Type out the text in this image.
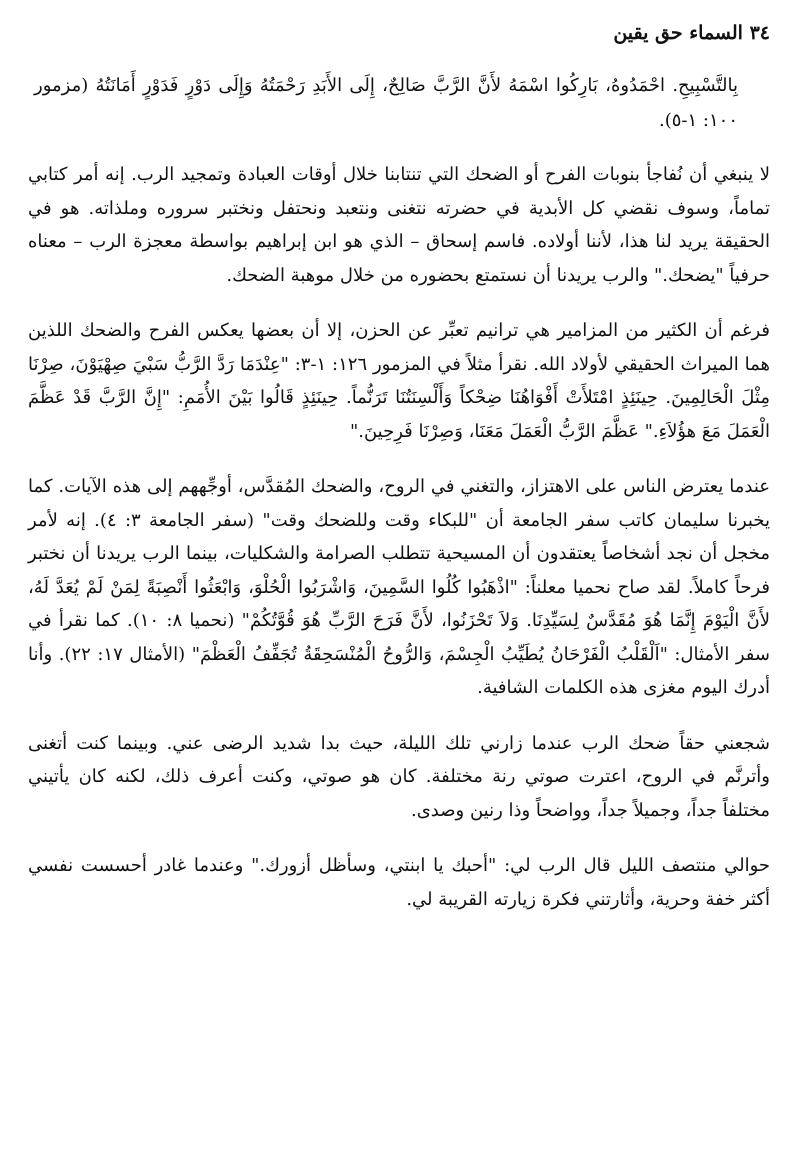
٣٤ السماء حق يقين

بِالتَّسْبِيحِ. احْمَدُوهُ، بَارِكُوا اسْمَهُ لأَنَّ الرَّبَّ صَالِحٌ، إِلَى الأَبَدِ رَحْمَتُهُ وَإِلَى دَوْرٍ فَدَوْرٍ أَمَانَتُهُ (مزمور ١٠٠: ١-٥).

لا ينبغي أن نُفاجأ بنوبات الفرح أو الضحك التي تنتابنا خلال أوقات العبادة وتمجيد الرب. إنه أمر كتابي تماماً، وسوف نقضي كل الأبدية في حضرته نتغنى ونتعبد ونحتفل ونختبر سروره وملذاته. هو في الحقيقة يريد لنا هذا، لأننا أولاده. فاسم إسحاق – الذي هو ابن إبراهيم بواسطة معجزة الرب – معناه حرفياً "يضحك." والرب يريدنا أن نستمتع بحضوره من خلال موهبة الضحك.

فرغم أن الكثير من المزامير هي ترانيم تعبِّر عن الحزن، إلا أن بعضها يعكس الفرح والضحك اللذين هما الميراث الحقيقي لأولاد الله. نقرأ مثلاً في المزمور ١٢٦: ١-٣: "عِنْدَمَا رَدَّ الرَّبُّ سَبْيَ صِهْيَوْنَ، صِرْنَا مِثْلَ الْحَالِمِينَ. حِينَئِذٍ امْتَلأَتْ أَفْوَاهُنَا ضِحْكاً وَأَلْسِنَتُنَا تَرَنُّماً. حِينَئِذٍ قَالُوا بَيْنَ الأُمَمِ: "إِنَّ الرَّبَّ قَدْ عَظَّمَ الْعَمَلَ مَعَ هؤُلاَءِ." عَظَّمَ الرَّبُّ الْعَمَلَ مَعَنَا، وَصِرْنَا فَرِحِينَ."

عندما يعترض الناس على الاهتزاز، والتغني في الروح، والضحك المُقدَّس، أوجِّههم إلى هذه الآيات. كما يخبرنا سليمان كاتب سفر الجامعة أن "للبكاء وقت وللضحك وقت" (سفر الجامعة ٣: ٤). إنه لأمر مخجل أن نجد أشخاصاً يعتقدون أن المسيحية تتطلب الصرامة والشكليات، بينما الرب يريدنا أن نختبر فرحاً كاملاً. لقد صاح نحميا معلناً: "اذْهَبُوا كُلُوا السَّمِينَ، وَاشْرَبُوا الْحُلْوَ، وَابْعَثُوا أَنْصِبَةً لِمَنْ لَمْ يُعَدَّ لَهُ، لأَنَّ الْيَوْمَ إِنَّمَا هُوَ مُقَدَّسٌ لِسَيِّدِنَا. وَلاَ تَحْزَنُوا، لأَنَّ فَرَحَ الرَّبِّ هُوَ قُوَّتُكُمْ" (نحميا ٨: ١٠). كما نقرأ في سفر الأمثال: "اَلْقَلْبُ الْفَرْحَانُ يُطَيِّبُ الْجِسْمَ، وَالرُّوحُ الْمُنْسَحِقَةُ تُجَفِّفُ الْعَظْمَ" (الأمثال ١٧: ٢٢). وأنا أدرك اليوم مغزى هذه الكلمات الشافية.

شجعني حقاً ضحك الرب عندما زارني تلك الليلة، حيث بدا شديد الرضى عني. وبينما كنت أتغنى وأترنَّم في الروح، اعترت صوتي رنة مختلفة. كان هو صوتي، وكنت أعرف ذلك، لكنه كان يأتيني مختلفاً جداً، وجميلاً جداً، وواضحاً وذا رنين وصدى.

حوالي منتصف الليل قال الرب لي: "أحبك يا ابنتي، وسأظل أزورك." وعندما غادر أحسست نفسي أكثر خفة وحرية، وأثارتني فكرة زيارته القريبة لي.
